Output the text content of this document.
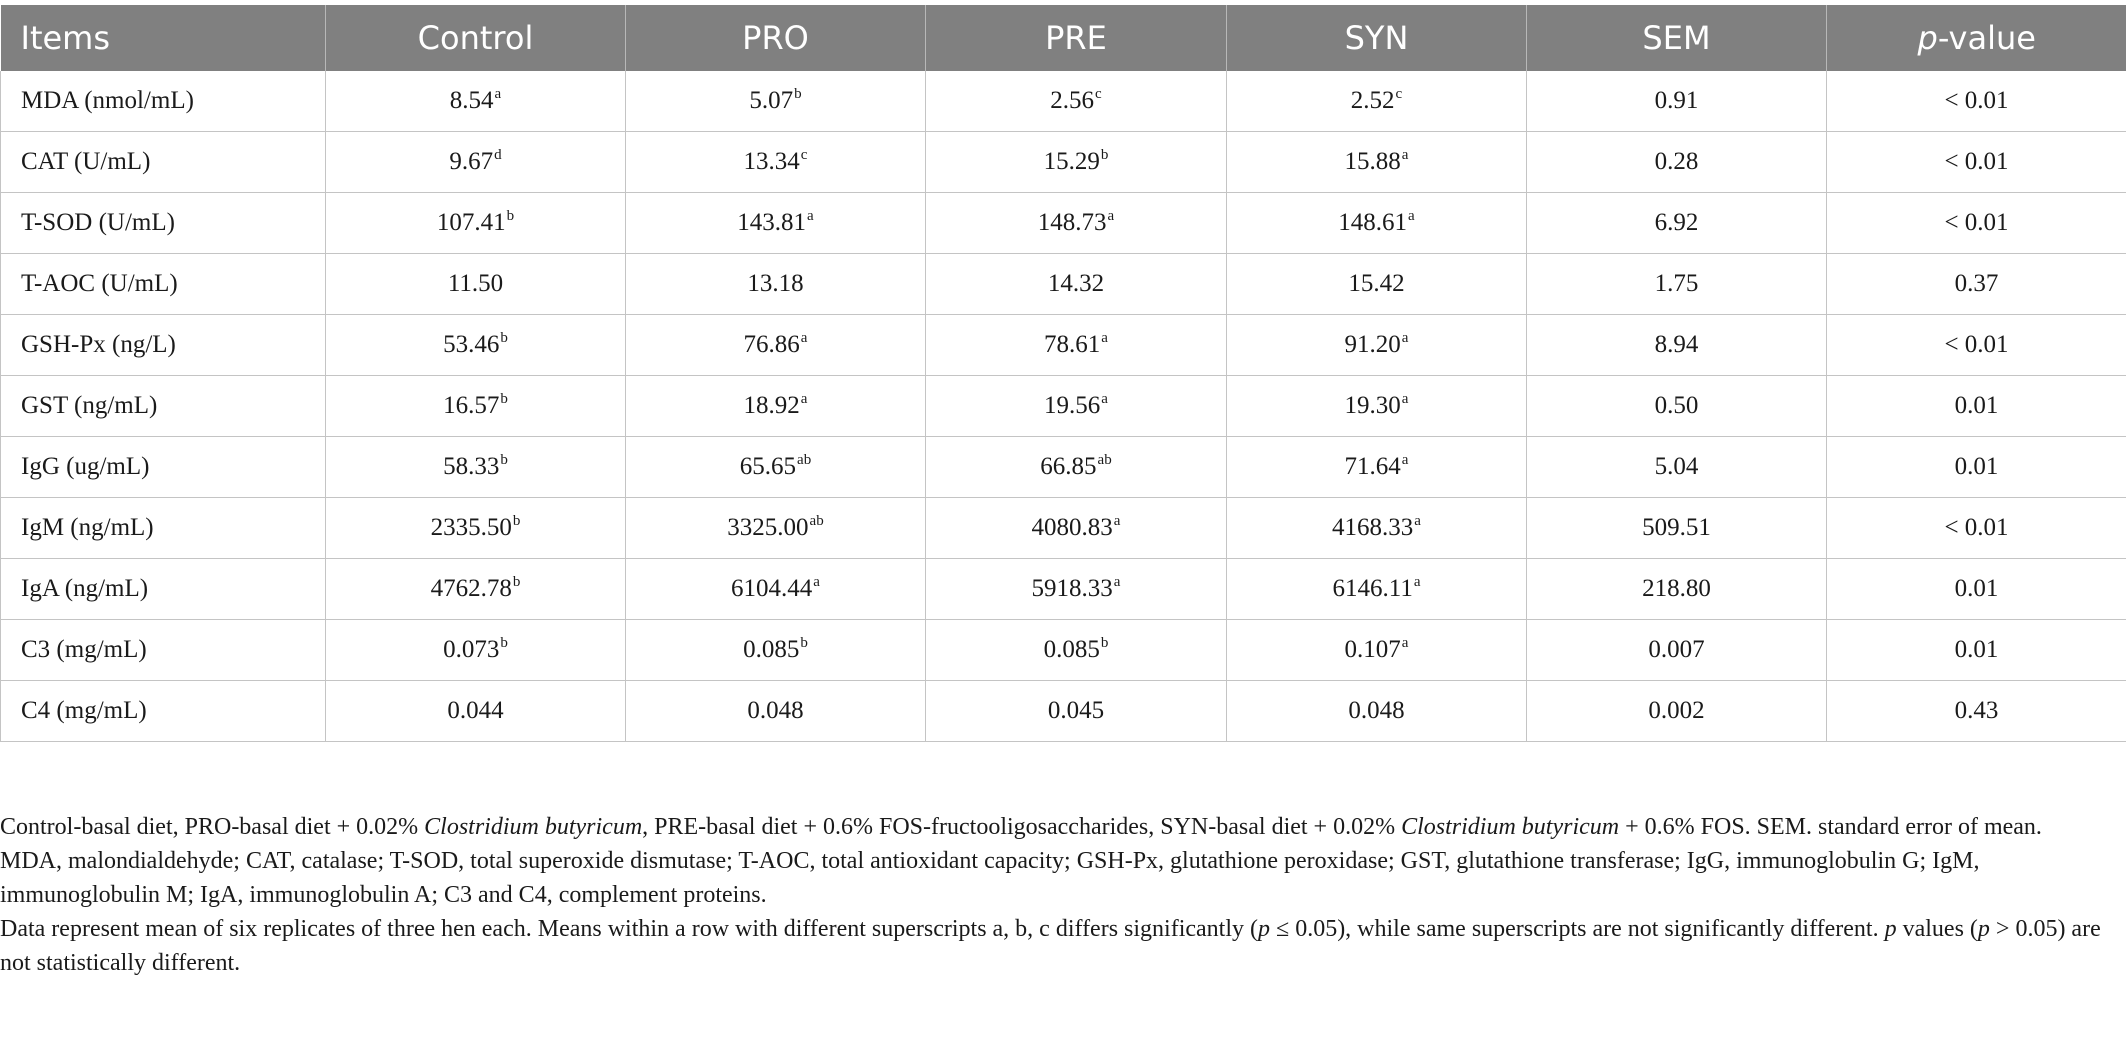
Items	Control	PRO	PRE	SYN	SEM	p-value
MDA (nmol/mL)	8.54$^a$	5.07$^b$	2.56$^c$	2.52$^c$	0.91	< 0.01
CAT (U/mL)	9.67$^d$	13.34$^c$	15.29$^b$	15.88$^a$	0.28	< 0.01
T-SOD (U/mL)	107.41$^b$	143.81$^a$	148.73$^a$	148.61$^a$	6.92	< 0.01
T-AOC (U/mL)	11.50	13.18	14.32	15.42	1.75	0.37
GSH-Px (ng/L)	53.46$^b$	76.86$^a$	78.61$^a$	91.20$^a$	8.94	< 0.01
GST (ng/mL)	16.57$^b$	18.92$^a$	19.56$^a$	19.30$^a$	0.50	0.01
IgG (ug/mL)	58.33$^b$	65.65$^{ab}$	66.85$^{ab}$	71.64$^a$	5.04	0.01
IgM (ng/mL)	2335.50$^b$	3325.00$^{ab}$	4080.83$^a$	4168.33$^a$	509.51	< 0.01
IgA (ng/mL)	4762.78$^b$	6104.44$^a$	5918.33$^a$	6146.11$^a$	218.80	0.01
C3 (mg/mL)	0.073$^b$	0.085$^b$	0.085$^b$	0.107$^a$	0.007	0.01
C4 (mg/mL)	0.044	0.048	0.045	0.048	0.002	0.43

Control-basal diet, PRO-basal diet + 0.02% Clostridium butyricum, PRE-basal diet + 0.6% FOS-fructooligosaccharides, SYN-basal diet + 0.02% Clostridium butyricum + 0.6% FOS. SEM. standard error of mean.

MDA, malondialdehyde; CAT, catalase; T-SOD, total superoxide dismutase; T-AOC, total antioxidant capacity; GSH-Px, glutathione peroxidase; GST, glutathione transferase; IgG, immunoglobulin G; IgM, immunoglobulin M; IgA, immunoglobulin A; C3 and C4, complement proteins.

Data represent mean of six replicates of three hen each. Means within a row with different superscripts a, b, c differs significantly (p ≤ 0.05), while same superscripts are not significantly different. p values (p > 0.05) are not statistically different.
